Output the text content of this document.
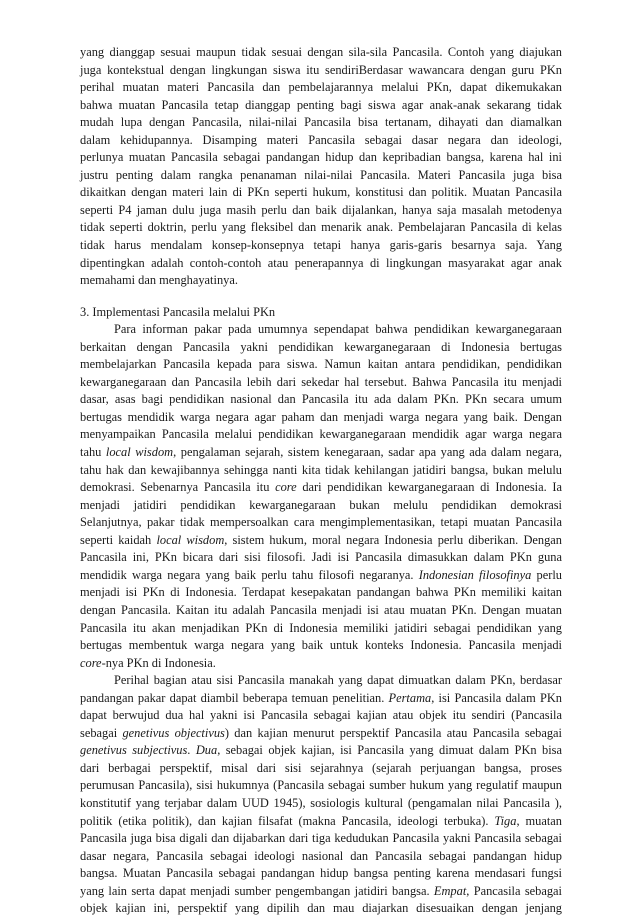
yang dianggap sesuai maupun tidak sesuai dengan sila-sila Pancasila. Contoh yang diajukan
juga kontekstual dengan lingkungan siswa itu sendiriBerdasar wawancara dengan guru PKn
perihal muatan materi Pancasila dan pembelajarannya melalui PKn, dapat dikemukakan
bahwa muatan Pancasila tetap dianggap penting bagi siswa agar anak-anak sekarang tidak
mudah lupa dengan Pancasila, nilai-nilai Pancasila bisa tertanam, dihayati dan diamalkan
dalam kehidupannya. Disamping materi Pancasila sebagai dasar negara dan ideologi,
perlunya muatan Pancasila sebagai pandangan hidup dan kepribadian bangsa, karena hal ini
justru penting dalam rangka penanaman nilai-nilai Pancasila. Materi Pancasila juga bisa
dikaitkan dengan materi lain di PKn seperti hukum, konstitusi dan politik. Muatan Pancasila
seperti P4 jaman dulu juga masih perlu dan baik dijalankan, hanya saja masalah metodenya
tidak seperti doktrin, perlu yang fleksibel dan menarik anak. Pembelajaran Pancasila di kelas
tidak harus mendalam konsep-konsepnya tetapi hanya garis-garis besarnya saja. Yang
dipentingkan adalah contoh-contoh atau penerapannya di lingkungan masyarakat agar anak
memahami dan menghayatinya.
3. Implementasi Pancasila melalui PKn
Para informan pakar pada umumnya sependapat bahwa pendidikan kewarganegaraan
berkaitan dengan Pancasila yakni pendidikan kewarganegaraan di Indonesia bertugas
membelajarkan Pancasila kepada para siswa. Namun kaitan antara pendidikan, pendidikan
kewarganegaraan dan Pancasila lebih dari sekedar hal tersebut. Bahwa Pancasila itu menjadi
dasar, asas bagi pendidikan nasional dan Pancasila itu ada dalam PKn. PKn secara umum
bertugas mendidik warga negara agar paham dan menjadi warga negara yang baik. Dengan
menyampaikan Pancasila melalui pendidikan kewarganegaraan mendidik agar warga negara
tahu local wisdom, pengalaman sejarah, sistem kenegaraan, sadar apa yang ada dalam negara,
tahu hak dan kewajibannya sehingga nanti kita tidak kehilangan jatidiri bangsa, bukan melulu
demokrasi. Sebenarnya Pancasila itu core dari pendidikan kewarganegaraan di Indonesia. Ia
menjadi jatidiri pendidikan kewarganegaraan bukan melulu pendidikan demokrasi
Selanjutnya, pakar tidak mempersoalkan cara mengimplementasikan, tetapi muatan Pancasila
seperti kaidah local wisdom, sistem hukum, moral negara Indonesia perlu diberikan. Dengan
Pancasila ini, PKn bicara dari sisi filosofi. Jadi isi Pancasila dimasukkan dalam PKn guna
mendidik warga negara yang baik perlu tahu filosofi negaranya. Indonesian filosofinya perlu
menjadi isi PKn di Indonesia. Terdapat kesepakatan pandangan bahwa PKn memiliki kaitan
dengan Pancasila. Kaitan itu adalah Pancasila menjadi isi atau muatan PKn. Dengan muatan
Pancasila itu akan menjadikan PKn di Indonesia memiliki jatidiri sebagai pendidikan yang
bertugas membentuk warga negara yang baik untuk konteks Indonesia. Pancasila menjadi
core-nya PKn di Indonesia.
Perihal bagian atau sisi Pancasila manakah yang dapat dimuatkan dalam PKn, berdasar
pandangan pakar dapat diambil beberapa temuan penelitian. Pertama, isi Pancasila dalam PKn
dapat berwujud dua hal yakni isi Pancasila sebagai kajian atau objek itu sendiri (Pancasila
sebagai genetivus objectivus) dan kajian menurut perspektif Pancasila atau Pancasila sebagai
genetivus subjectivus. Dua, sebagai objek kajian, isi Pancasila yang dimuat dalam PKn bisa
dari berbagai perspektif, misal dari sisi sejarahnya (sejarah perjuangan bangsa, proses
perumusan Pancasila), sisi hukumnya (Pancasila sebagai sumber hukum yang regulatif maupun
konstitutif yang terjabar dalam UUD 1945), sosiologis kultural (pengamalan nilai Pancasila ),
politik (etika politik), dan kajian filsafat (makna Pancasila, ideologi terbuka). Tiga, muatan
Pancasila juga bisa digali dan dijabarkan dari tiga kedudukan Pancasila yakni Pancasila sebagai
dasar negara, Pancasila sebagai ideologi nasional dan Pancasila sebagai pandangan hidup
bangsa. Muatan Pancasila sebagai pandangan hidup bangsa penting karena mendasari fungsi
yang lain serta dapat menjadi sumber pengembangan jatidiri bangsa. Empat, Pancasila sebagai
objek kajian ini, perspektif yang dipilih dan mau diajarkan disesuaikan dengan jenjang
